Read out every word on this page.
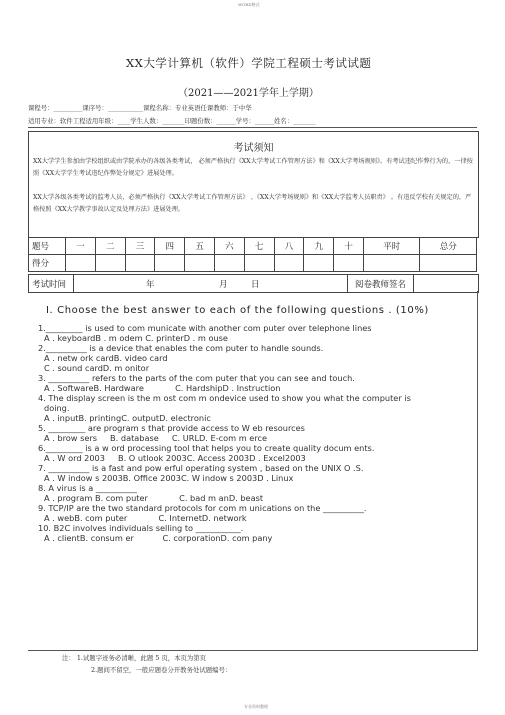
WORD格式
XX大学计算机（软件）学院工程硕士考试试题
（2021——2021学年上学期）
课程号：_________课序号：___________课程名称：专业英语任课教师：于中华
适用专业：软件工程适用年级：____学生人数：_______印题份数：______学号：______姓名：_______
考试须知
XX大学学生参加由学校组织或由学院承办的各级各类考试， 必须严格执行《XX大学考试工作管理方法》和《XX大学考场规则》。有考试违纪作弊行为的，一律按照《XX大学学生考试违纪作弊处分规定》进展处理。
XX大学各级各类考试的监考人员，必须严格执行《XX大学考试工作管理方法》 、《XX大学考场规则》和《XX大学监考人员职责》 。有违反学校有关规定的，严格按照《XX大学教学事故认定及处理方法》进展处理。
题号	一	二	三	四	五	六	七	八	九	十	平时	总分
得分												
考试时间	年	月	日	阅卷教师签名
I. Choose the best answer to each of the following questions . (10%)
1._________ is used to com municate with another com puter over telephone lines
A . keyboardB . m odem C. printerD . m ouse
2.__________ is a device that enables the com puter to handle sounds.
A . netw ork cardB. video card
C . sound cardD. m onitor
3. __________ refers to the parts of the com puter that you can see and touch.
A . SoftwareB. Hardware            C. HardshipD . Instruction
4. The display screen is the m ost com m ondevice used to show you what the computer is
doing.
A . inputB. printingC. outputD. electronic
5. _________ are program s that provide access to W eb resources
A . brow sers     B. database     C. URLD. E-com m erce
6._________ is a w ord processing tool that helps you to create quality docum ents.
A . W ord 2003     B. O utlook 2003C. Access 2003D . Excel2003
7. __________ is a fast and pow erful operating system , based on the UNIX O .S.
A . W indow s 2003B. Office 2003C. W indow s 2003D . Linux
8. A virus is a __________
A . program B. com puter            C. bad m anD. beast
9. TCP/IP are the two standard protocols for com m unications on the __________.
A . webB. com puter            C. InternetD. network
10. B2C involves individuals selling to ___________.
A . clientB. consum er           C. corporationD. com pany
注： 1.试题字迹务必清晰，此题 5 页，本页为第页
2.题间不留空，一般应题卷分开教务处试题编号：
专业资料整理
